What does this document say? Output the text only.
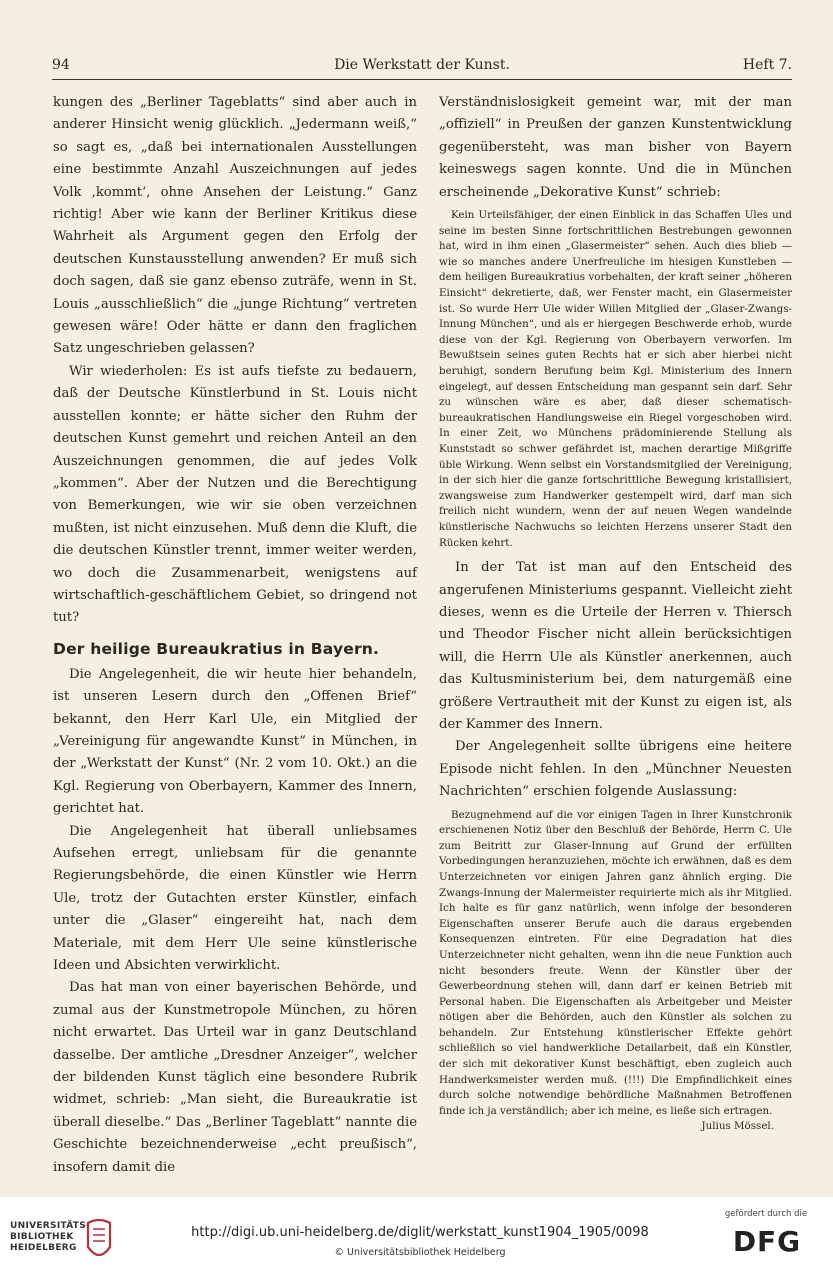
94	Die Werkstatt der Kunst.	Heft 7.

kungen des „Berliner Tageblatts“ sind aber auch in anderer Hinsicht wenig glücklich. „Jedermann weiß,“ so sagt es, „daß bei internationalen Ausstellungen eine bestimmte Anzahl Auszeichnungen auf jedes Volk ‚kommt‘, ohne Ansehen der Leistung.“ Ganz richtig! Aber wie kann der Berliner Kritikus diese Wahrheit als Argument gegen den Erfolg der deutschen Kunstausstellung anwenden? Er muß sich doch sagen, daß sie ganz ebenso zuträfe, wenn in St. Louis „ausschließlich“ die „junge Richtung“ vertreten gewesen wäre! Oder hätte er dann den fraglichen Satz ungeschrieben gelassen?

Wir wiederholen: Es ist aufs tiefste zu bedauern, daß der Deutsche Künstlerbund in St. Louis nicht ausstellen konnte; er hätte sicher den Ruhm der deutschen Kunst gemehrt und reichen Anteil an den Auszeichnungen genommen, die auf jedes Volk „kommen“. Aber der Nutzen und die Berechtigung von Bemerkungen, wie wir sie oben verzeichnen mußten, ist nicht einzusehen. Muß denn die Kluft, die die deutschen Künstler trennt, immer weiter werden, wo doch die Zusammenarbeit, wenigstens auf wirtschaftlich-geschäftlichem Gebiet, so dringend not tut?

Der heilige Bureaukratius in Bayern.

Die Angelegenheit, die wir heute hier behandeln, ist unseren Lesern durch den „Offenen Brief“ bekannt, den Herr Karl Ule, ein Mitglied der „Vereinigung für angewandte Kunst“ in München, in der „Werkstatt der Kunst“ (Nr. 2 vom 10. Okt.) an die Kgl. Regierung von Oberbayern, Kammer des Innern, gerichtet hat.

Die Angelegenheit hat überall unliebsames Aufsehen erregt, unliebsam für die genannte Regierungsbehörde, die einen Künstler wie Herrn Ule, trotz der Gutachten erster Künstler, einfach unter die „Glaser“ eingereiht hat, nach dem Materiale, mit dem Herr Ule seine künstlerische Ideen und Absichten verwirklicht.

Das hat man von einer bayerischen Behörde, und zumal aus der Kunstmetropole München, zu hören nicht erwartet. Das Urteil war in ganz Deutschland dasselbe. Der amtliche „Dresdner Anzeiger“, welcher der bildenden Kunst täglich eine besondere Rubrik widmet, schrieb: „Man sieht, die Bureaukratie ist überall dieselbe.“ Das „Berliner Tageblatt“ nannte die Geschichte bezeichnenderweise „echt preußisch“, insofern damit die

Verständnislosigkeit gemeint war, mit der man „offiziell“ in Preußen der ganzen Kunstentwicklung gegenübersteht, was man bisher von Bayern keineswegs sagen konnte. Und die in München erscheinende „Dekorative Kunst“ schrieb:

Kein Urteilsfähiger, der einen Einblick in das Schaffen Ules und seine im besten Sinne fortschrittlichen Bestrebungen gewonnen hat, wird in ihm einen „Glasermeister“ sehen. Auch dies blieb — wie so manches andere Unerfreuliche im hiesigen Kunstleben — dem heiligen Bureaukratius vorbehalten, der kraft seiner „höheren Einsicht“ dekretierte, daß, wer Fenster macht, ein Glasermeister ist. So wurde Herr Ule wider Willen Mitglied der „Glaser-Zwangs-Innung München“, und als er hiergegen Beschwerde erhob, wurde diese von der Kgl. Regierung von Oberbayern verworfen. Im Bewußtsein seines guten Rechts hat er sich aber hierbei nicht beruhigt, sondern Berufung beim Kgl. Ministerium des Innern eingelegt, auf dessen Entscheidung man gespannt sein darf. Sehr zu wünschen wäre es aber, daß dieser schematisch-bureaukratischen Handlungsweise ein Riegel vorgeschoben wird. In einer Zeit, wo Münchens prädominierende Stellung als Kunststadt so schwer gefährdet ist, machen derartige Mißgriffe üble Wirkung. Wenn selbst ein Vorstandsmitglied der Vereinigung, in der sich hier die ganze fortschrittliche Bewegung kristallisiert, zwangsweise zum Handwerker gestempelt wird, darf man sich freilich nicht wundern, wenn der auf neuen Wegen wandelnde künstlerische Nachwuchs so leichten Herzens unserer Stadt den Rücken kehrt.

In der Tat ist man auf den Entscheid des angerufenen Ministeriums gespannt. Vielleicht zieht dieses, wenn es die Urteile der Herren v. Thiersch und Theodor Fischer nicht allein berücksichtigen will, die Herrn Ule als Künstler anerkennen, auch das Kultusministerium bei, dem naturgemäß eine größere Vertrautheit mit der Kunst zu eigen ist, als der Kammer des Innern.

Der Angelegenheit sollte übrigens eine heitere Episode nicht fehlen. In den „Münchner Neuesten Nachrichten“ erschien folgende Auslassung:

Bezugnehmend auf die vor einigen Tagen in Ihrer Kunstchronik erschienenen Notiz über den Beschluß der Behörde, Herrn C. Ule zum Beitritt zur Glaser-Innung auf Grund der erfüllten Vorbedingungen heranzuziehen, möchte ich erwähnen, daß es dem Unterzeichneten vor einigen Jahren ganz ähnlich erging. Die Zwangs-Innung der Malermeister requirierte mich als ihr Mitglied. Ich halte es für ganz natürlich, wenn infolge der besonderen Eigenschaften unserer Berufe auch die daraus ergebenden Konsequenzen eintreten. Für eine Degradation hat dies Unterzeichneter nicht gehalten, wenn ihn die neue Funktion auch nicht besonders freute. Wenn der Künstler über der Gewerbeordnung stehen will, dann darf er keinen Betrieb mit Personal haben. Die Eigenschaften als Arbeitgeber und Meister nötigen aber die Behörden, auch den Künstler als solchen zu behandeln. Zur Entstehung künstlerischer Effekte gehört schließlich so viel handwerkliche Detailarbeit, daß ein Künstler, der sich mit dekorativer Kunst beschäftigt, eben zugleich auch Handwerksmeister werden muß. (!!!) Die Empfindlichkeit eines durch solche notwendige behördliche Maßnahmen Betroffenen finde ich ja verständlich; aber ich meine, es ließe sich ertragen.

Julius Mössel.
UNIVERSITÄTS-
BIBLIOTHEK
HEIDELBERG
http://digi.ub.uni-heidelberg.de/diglit/werkstatt_kunst1904_1905/0098
© Universitätsbibliothek Heidelberg
gefördert durch die
DFG
